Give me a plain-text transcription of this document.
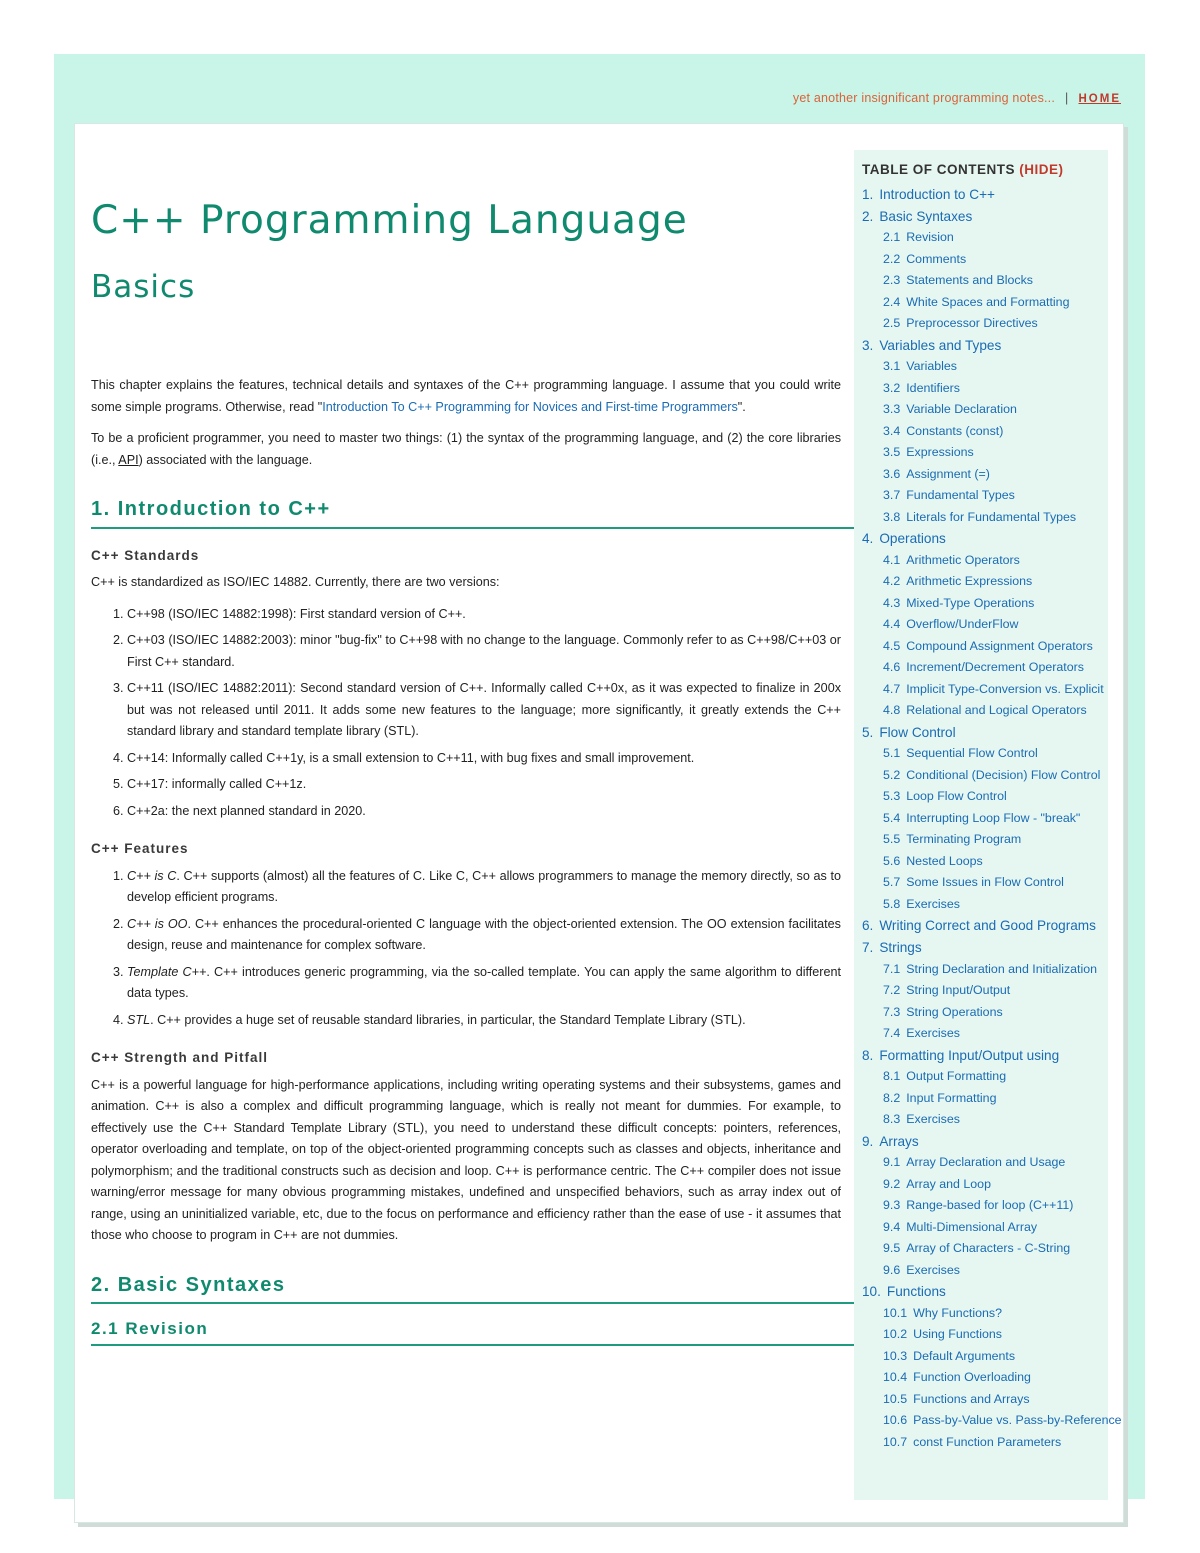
yet another insignificant programming notes... | HOME
C++ Programming Language
Basics

This chapter explains the features, technical details and syntaxes of the C++ programming language. I assume that you could write some simple programs. Otherwise, read "Introduction To C++ Programming for Novices and First-time Programmers".

To be a proficient programmer, you need to master two things: (1) the syntax of the programming language, and (2) the core libraries (i.e., API) associated with the language.

1. Introduction to C++
C++ Standards

C++ is standardized as ISO/IEC 14882. Currently, there are two versions:

1. C++98 (ISO/IEC 14882:1998): First standard version of C++.
2. C++03 (ISO/IEC 14882:2003): minor "bug-fix" to C++98 with no change to the language. Commonly refer to as C++98/C++03 or First C++ standard.
3. C++11 (ISO/IEC 14882:2011): Second standard version of C++. Informally called C++0x, as it was expected to finalize in 200x but was not released until 2011. It adds some new features to the language; more significantly, it greatly extends the C++ standard library and standard template library (STL).
4. C++14: Informally called C++1y, is a small extension to C++11, with bug fixes and small improvement.
5. C++17: informally called C++1z.
6. C++2a: the next planned standard in 2020.
C++ Features
1. C++ is C. C++ supports (almost) all the features of C. Like C, C++ allows programmers to manage the memory directly, so as to develop efficient programs.
2. C++ is OO. C++ enhances the procedural-oriented C language with the object-oriented extension. The OO extension facilitates design, reuse and maintenance for complex software.
3. Template C++. C++ introduces generic programming, via the so-called template. You can apply the same algorithm to different data types.
4. STL. C++ provides a huge set of reusable standard libraries, in particular, the Standard Template Library (STL).
C++ Strength and Pitfall

C++ is a powerful language for high-performance applications, including writing operating systems and their subsystems, games and animation. C++ is also a complex and difficult programming language, which is really not meant for dummies. For example, to effectively use the C++ Standard Template Library (STL), you need to understand these difficult concepts: pointers, references, operator overloading and template, on top of the object-oriented programming concepts such as classes and objects, inheritance and polymorphism; and the traditional constructs such as decision and loop. C++ is performance centric. The C++ compiler does not issue warning/error message for many obvious programming mistakes, undefined and unspecified behaviors, such as array index out of range, using an uninitialized variable, etc, due to the focus on performance and efficiency rather than the ease of use - it assumes that those who choose to program in C++ are not dummies.

2. Basic Syntaxes
2.1 Revision
TABLE OF CONTENTS (HIDE)
1. Introduction to C++
2. Basic Syntaxes
2.1 Revision
2.2 Comments
2.3 Statements and Blocks
2.4 White Spaces and Formatting
2.5 Preprocessor Directives
3. Variables and Types
3.1 Variables
3.2 Identifiers
3.3 Variable Declaration
3.4 Constants (const)
3.5 Expressions
3.6 Assignment (=)
3.7 Fundamental Types
3.8 Literals for Fundamental Types
4. Operations
4.1 Arithmetic Operators
4.2 Arithmetic Expressions
4.3 Mixed-Type Operations
4.4 Overflow/UnderFlow
4.5 Compound Assignment Operators
4.6 Increment/Decrement Operators
4.7 Implicit Type-Conversion vs. Explicit
4.8 Relational and Logical Operators
5. Flow Control
5.1 Sequential Flow Control
5.2 Conditional (Decision) Flow Control
5.3 Loop Flow Control
5.4 Interrupting Loop Flow - "break"
5.5 Terminating Program
5.6 Nested Loops
5.7 Some Issues in Flow Control
5.8 Exercises
6. Writing Correct and Good Programs
7. Strings
7.1 String Declaration and Initialization
7.2 String Input/Output
7.3 String Operations
7.4 Exercises
8. Formatting Input/Output using
8.1 Output Formatting
8.2 Input Formatting
8.3 Exercises
9. Arrays
9.1 Array Declaration and Usage
9.2 Array and Loop
9.3 Range-based for loop (C++11)
9.4 Multi-Dimensional Array
9.5 Array of Characters - C-String
9.6 Exercises
10. Functions
10.1 Why Functions?
10.2 Using Functions
10.3 Default Arguments
10.4 Function Overloading
10.5 Functions and Arrays
10.6 Pass-by-Value vs. Pass-by-Reference
10.7 const Function Parameters
